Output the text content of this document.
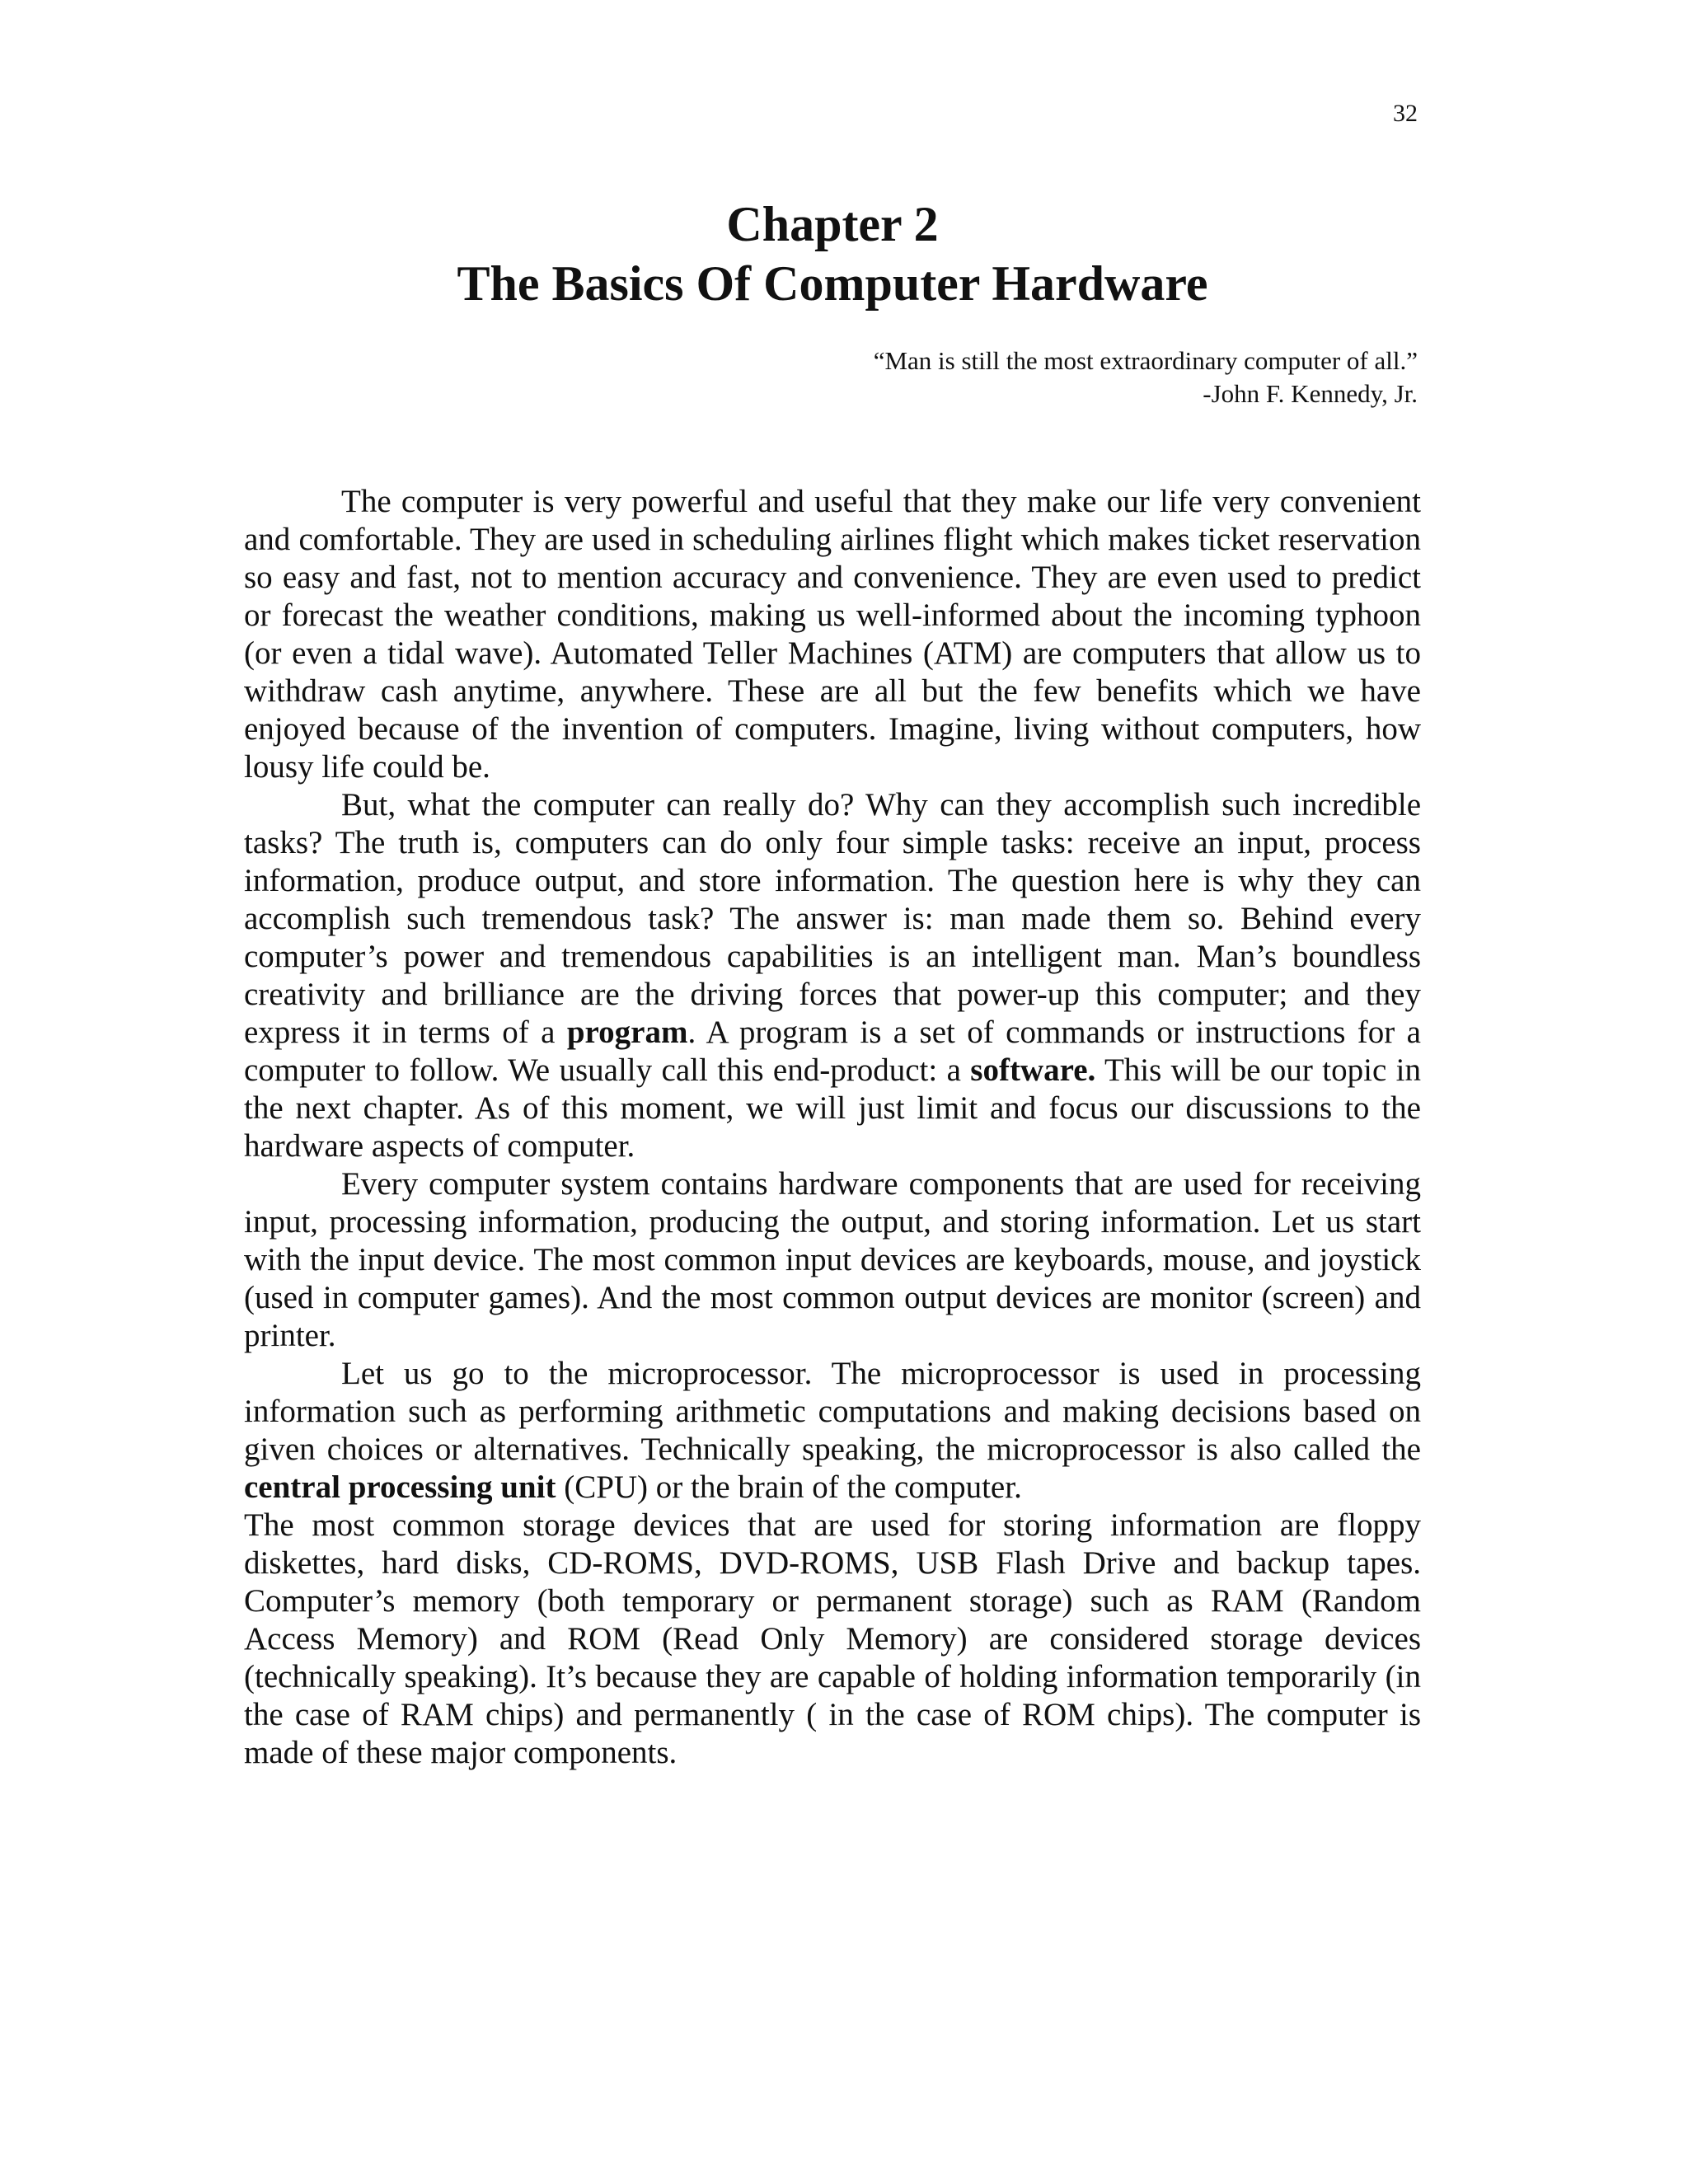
32
Chapter 2
The Basics Of Computer Hardware
“Man is still the most extraordinary computer of all.”
-John F. Kennedy, Jr.

The computer is very powerful and useful that they make our life very convenient and comfortable. They are used in scheduling airlines flight which makes ticket reservation so easy and fast, not to mention accuracy and convenience. They are even used to predict or forecast the weather conditions, making us well-informed about the incoming typhoon (or even a tidal wave). Automated Teller Machines (ATM) are computers that allow us to withdraw cash anytime, anywhere. These are all but the few benefits which we have enjoyed because of the invention of computers. Imagine, living without computers, how lousy life could be.

But, what the computer can really do? Why can they accomplish such incredible tasks? The truth is, computers can do only four simple tasks: receive an input, process information, produce output, and store information. The question here is why they can accomplish such tremendous task? The answer is: man made them so. Behind every computer’s power and tremendous capabilities is an intelligent man. Man’s boundless creativity and brilliance are the driving forces that power-up this computer; and they express it in terms of a program. A program is a set of commands or instructions for a computer to follow. We usually call this end-product: a software. This will be our topic in the next chapter. As of this moment, we will just limit and focus our discussions to the hardware aspects of computer.

Every computer system contains hardware components that are used for receiving input, processing information, producing the output, and storing information. Let us start with the input device. The most common input devices are keyboards, mouse, and joystick (used in computer games). And the most common output devices are monitor (screen) and printer.

Let us go to the microprocessor. The microprocessor is used in processing information such as performing arithmetic computations and making decisions based on given choices or alternatives. Technically speaking, the microprocessor is also called the central processing unit (CPU) or the brain of the computer.

The most common storage devices that are used for storing information are floppy diskettes, hard disks, CD-ROMS, DVD-ROMS, USB Flash Drive and backup tapes. Computer’s memory (both temporary or permanent storage) such as RAM (Random Access Memory) and ROM (Read Only Memory) are considered storage devices (technically speaking). It’s because they are capable of holding information temporarily (in the case of RAM chips) and permanently ( in the case of ROM chips). The computer is made of these major components.
